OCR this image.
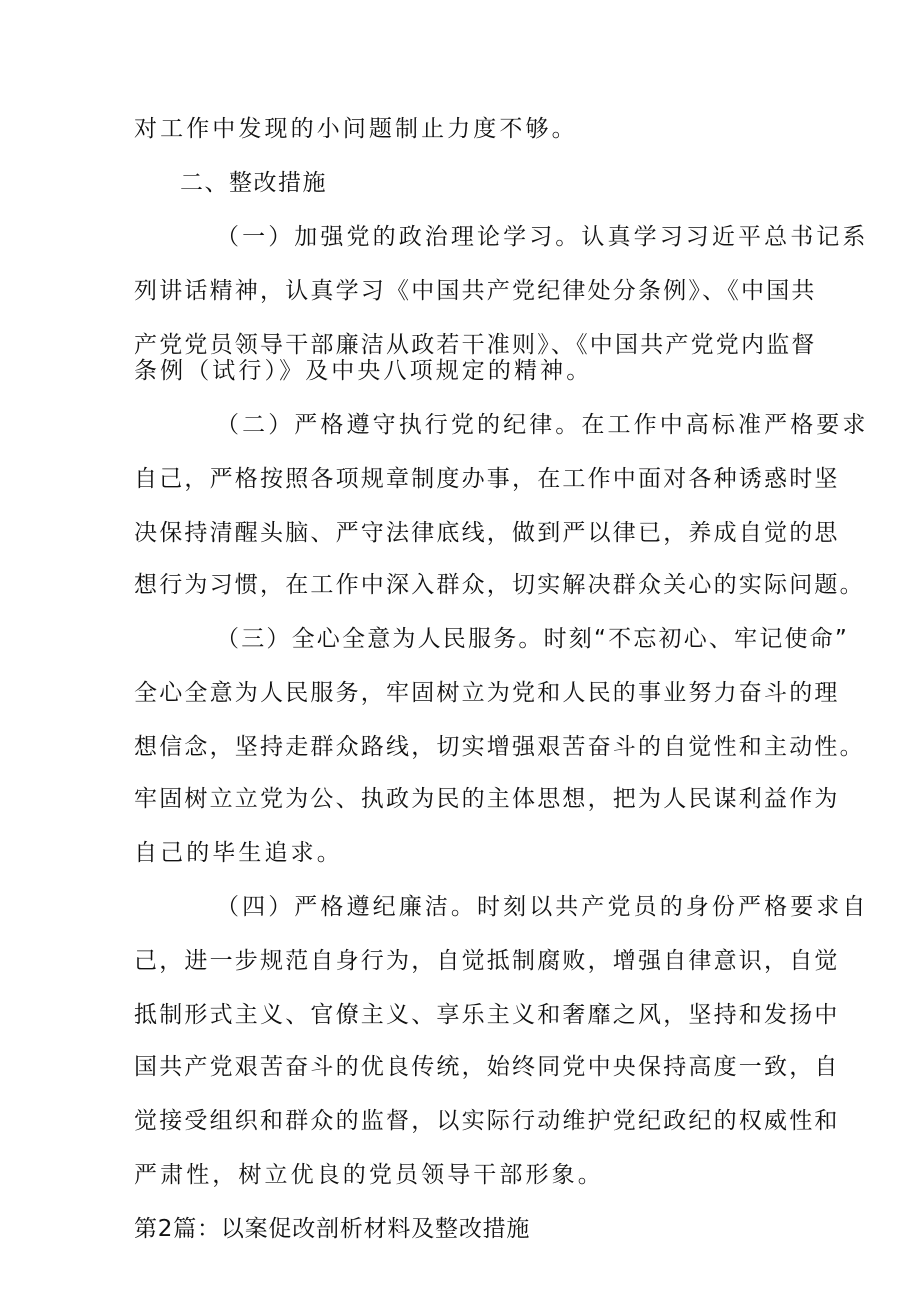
对工作中发现的小问题制止力度不够。
二、整改措施
（一）加强党的政治理论学习。认真学习习近平总书记系
列讲话精神，认真学习《中国共产党纪律处分条例》、《中国共
产党党员领导干部廉洁从政若干准则》、《中国共产党党内监督
条例（试行）》及中央八项规定的精神。
（二）严格遵守执行党的纪律。在工作中高标准严格要求
自己，严格按照各项规章制度办事，在工作中面对各种诱惑时坚
决保持清醒头脑、严守法律底线，做到严以律已，养成自觉的思
想行为习惯，在工作中深入群众，切实解决群众关心的实际问题。
（三）全心全意为人民服务。时刻“不忘初心、牢记使命”
全心全意为人民服务，牢固树立为党和人民的事业努力奋斗的理
想信念，坚持走群众路线，切实增强艰苦奋斗的自觉性和主动性。
牢固树立立党为公、执政为民的主体思想，把为人民谋利益作为
自己的毕生追求。
（四）严格遵纪廉洁。时刻以共产党员的身份严格要求自
己，进一步规范自身行为，自觉抵制腐败，增强自律意识，自觉
抵制形式主义、官僚主义、享乐主义和奢靡之风，坚持和发扬中
国共产党艰苦奋斗的优良传统，始终同党中央保持高度一致，自
觉接受组织和群众的监督，以实际行动维护党纪政纪的权威性和
严肃性，树立优良的党员领导干部形象。
第2篇：以案促改剖析材料及整改措施
